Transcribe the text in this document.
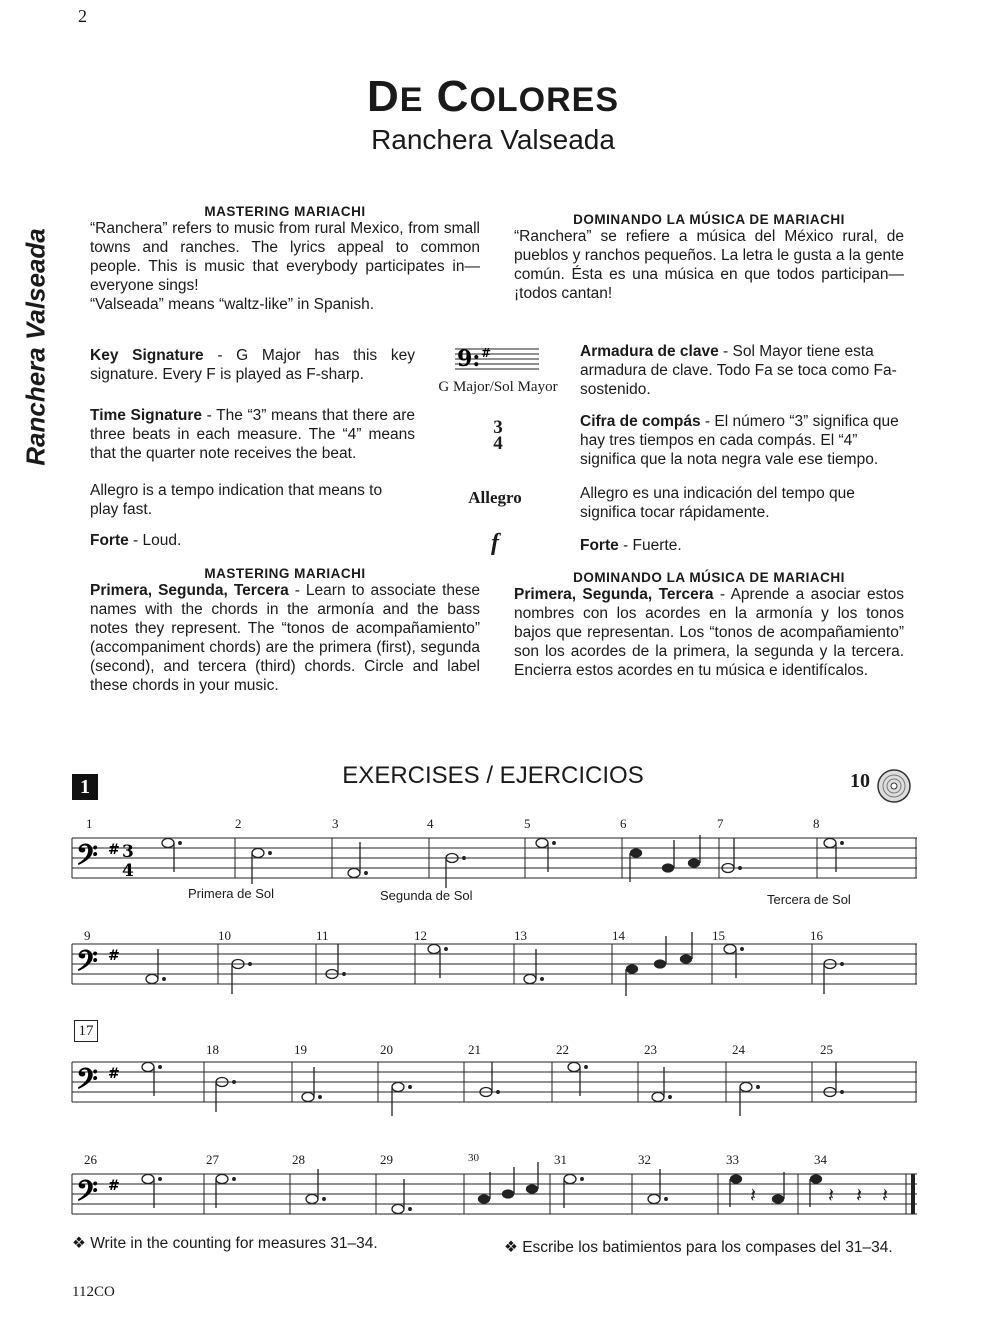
2
DE COLORES
Ranchera Valseada
Ranchera Valseada
MASTERING MARIACHI
“Ranchera” refers to music from rural Mexico, from small towns and ranches. The lyrics appeal to common people. This is music that everybody participates in—everyone sings!
“Valseada” means “waltz-like” in Spanish.
DOMINANDO LA MÚSICA DE MARIACHI
“Ranchera” se refiere a música del México rural, de pueblos y ranchos pequeños. La letra le gusta a la gente común. Ésta es una música en que todos participan—¡todos cantan!
Key Signature - G Major has this key signature. Every F is played as F-sharp.
9: #
G Major/Sol Mayor
Armadura de clave - Sol Mayor tiene esta armadura de clave. Todo Fa se toca como Fa-sostenido.
Time Signature - The “3” means that there are three beats in each measure. The “4” means that the quarter note receives the beat.
3
4
Cifra de compás - El número “3” significa que hay tres tiempos en cada compás. El “4” significa que la nota negra vale ese tiempo.
Allegro is a tempo indication that means to play fast.
Allegro	Allegro es una indicación del tempo que significa tocar rápidamente.
Forte - Loud.	f	Forte - Fuerte.
MASTERING MARIACHI
Primera, Segunda, Tercera - Learn to associate these names with the chords in the armonía and the bass notes they represent. The “tonos de acompañamiento” (accompaniment chords) are the primera (first), segunda (second), and tercera (third) chords. Circle and label these chords in your music.
DOMINANDO LA MÚSICA DE MARIACHI
Primera, Segunda, Tercera - Aprende a asociar estos nombres con los acordes en la armonía y los tonos bajos que representan. Los “tonos de acompañamiento” son los acordes de la primera, la segunda y la tercera. Encierra estos acordes en tu música e identifícalos.
1	EXERCISES / EJERCICIOS	10
𝄢 # 3
4
1	2	3	4	5	6	7	8
Primera de Sol	Segunda de Sol	Tercera de Sol
𝄢 #
9	10	11	12	13	14	15	16
17
𝄢 #
18	19	20	21	22	23	24	25
𝄢 #	𝄽	𝄽 𝄽 𝄽
26	27	28	29	30	31	32	33	34
❖ Write in the counting for measures 31–34.	❖ Escribe los batimientos para los compases del 31–34.
112CO
